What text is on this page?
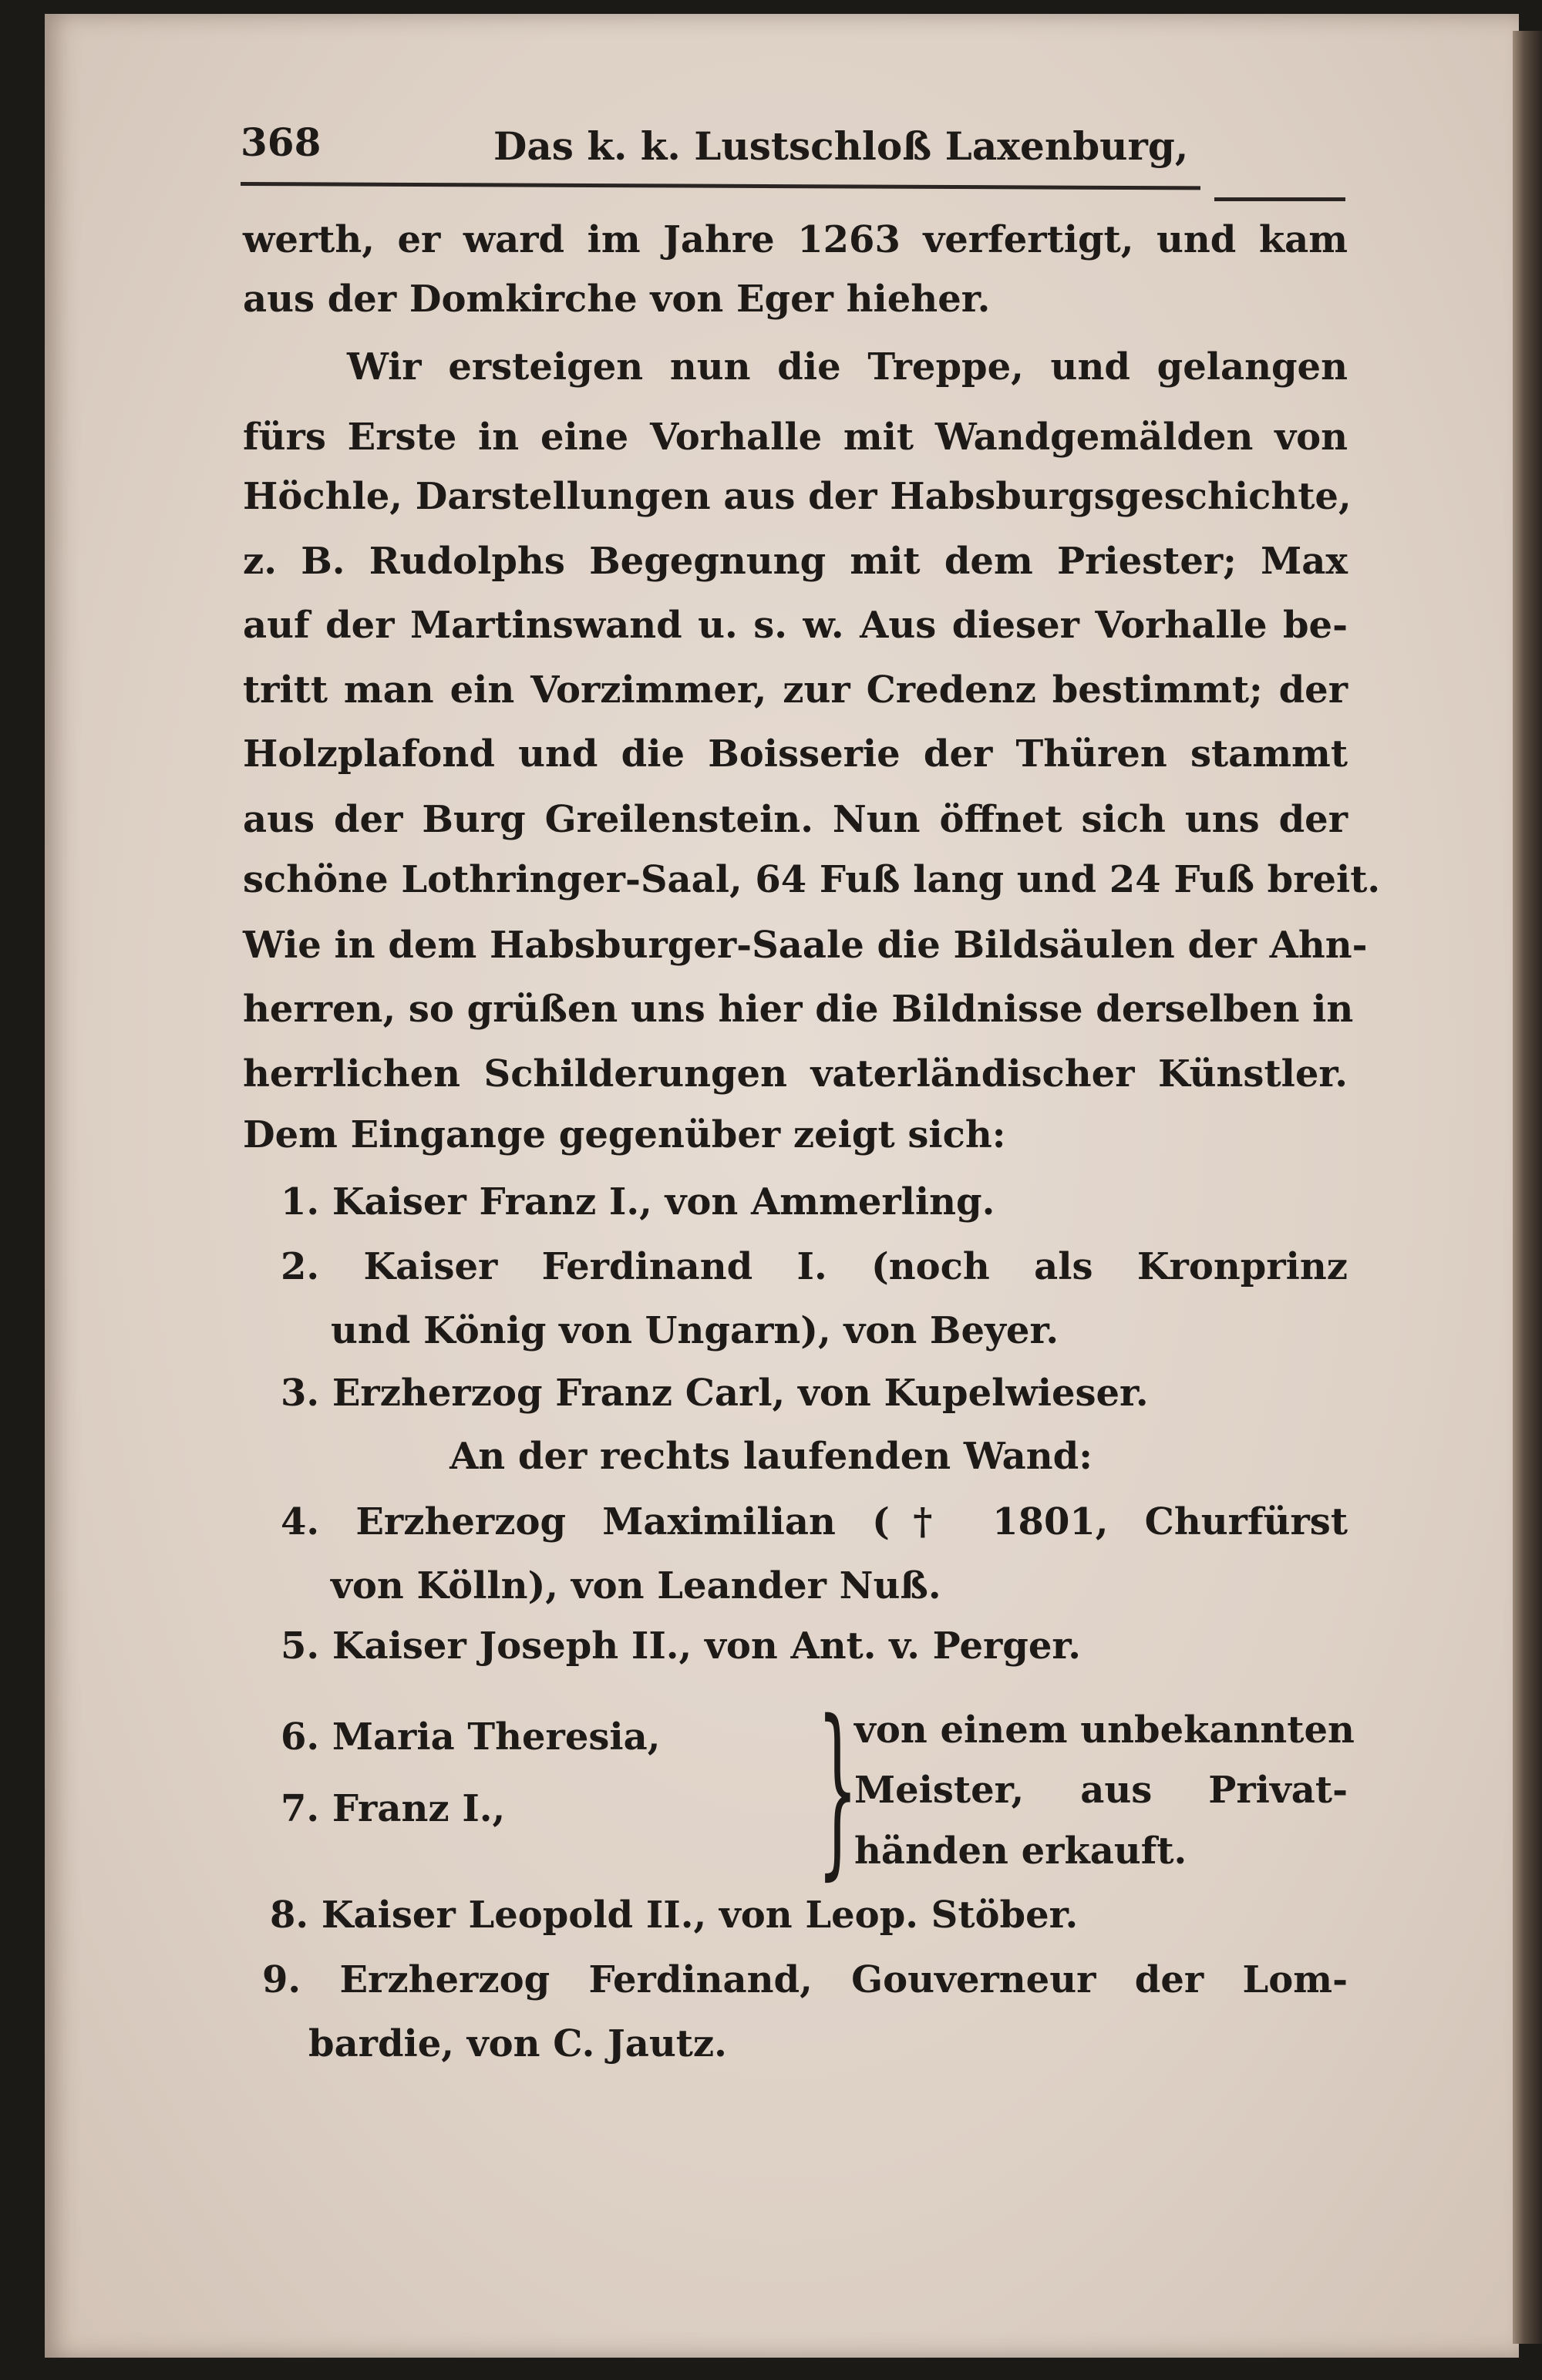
368	Das k. k. Lustschloß Laxenburg,
werth, er ward im Jahre 1263 verfertigt, und kam
aus der Domkirche von Eger hieher.
Wir ersteigen nun die Treppe, und gelangen
fürs Erste in eine Vorhalle mit Wandgemälden von
Höchle, Darstellungen aus der Habsburgsgeschichte,
z. B. Rudolphs Begegnung mit dem Priester; Max
auf der Martinswand u. s. w. Aus dieser Vorhalle be-
tritt man ein Vorzimmer, zur Credenz bestimmt; der
Holzplafond und die Boisserie der Thüren stammt
aus der Burg Greilenstein. Nun öffnet sich uns der
schöne Lothringer-Saal, 64 Fuß lang und 24 Fuß breit.
Wie in dem Habsburger-Saale die Bildsäulen der Ahn-
herren, so grüßen uns hier die Bildnisse derselben in
herrlichen Schilderungen vaterländischer Künstler.
Dem Eingange gegenüber zeigt sich:
1. Kaiser Franz I., von Ammerling.
2. Kaiser Ferdinand I. (noch als Kronprinz
und König von Ungarn), von Beyer.
3. Erzherzog Franz Carl, von Kupelwieser.
An der rechts laufenden Wand:
4. Erzherzog Maximilian († 1801, Churfürst
von Kölln), von Leander Nuß.
5. Kaiser Joseph II., von Ant. v. Perger.
6. Maria Theresia,
7. Franz I.,	}
von einem unbekannten
Meister, aus Privat-
händen erkauft.
8. Kaiser Leopold II., von Leop. Stöber.
9. Erzherzog Ferdinand, Gouverneur der Lom-
bardie, von C. Jautz.
